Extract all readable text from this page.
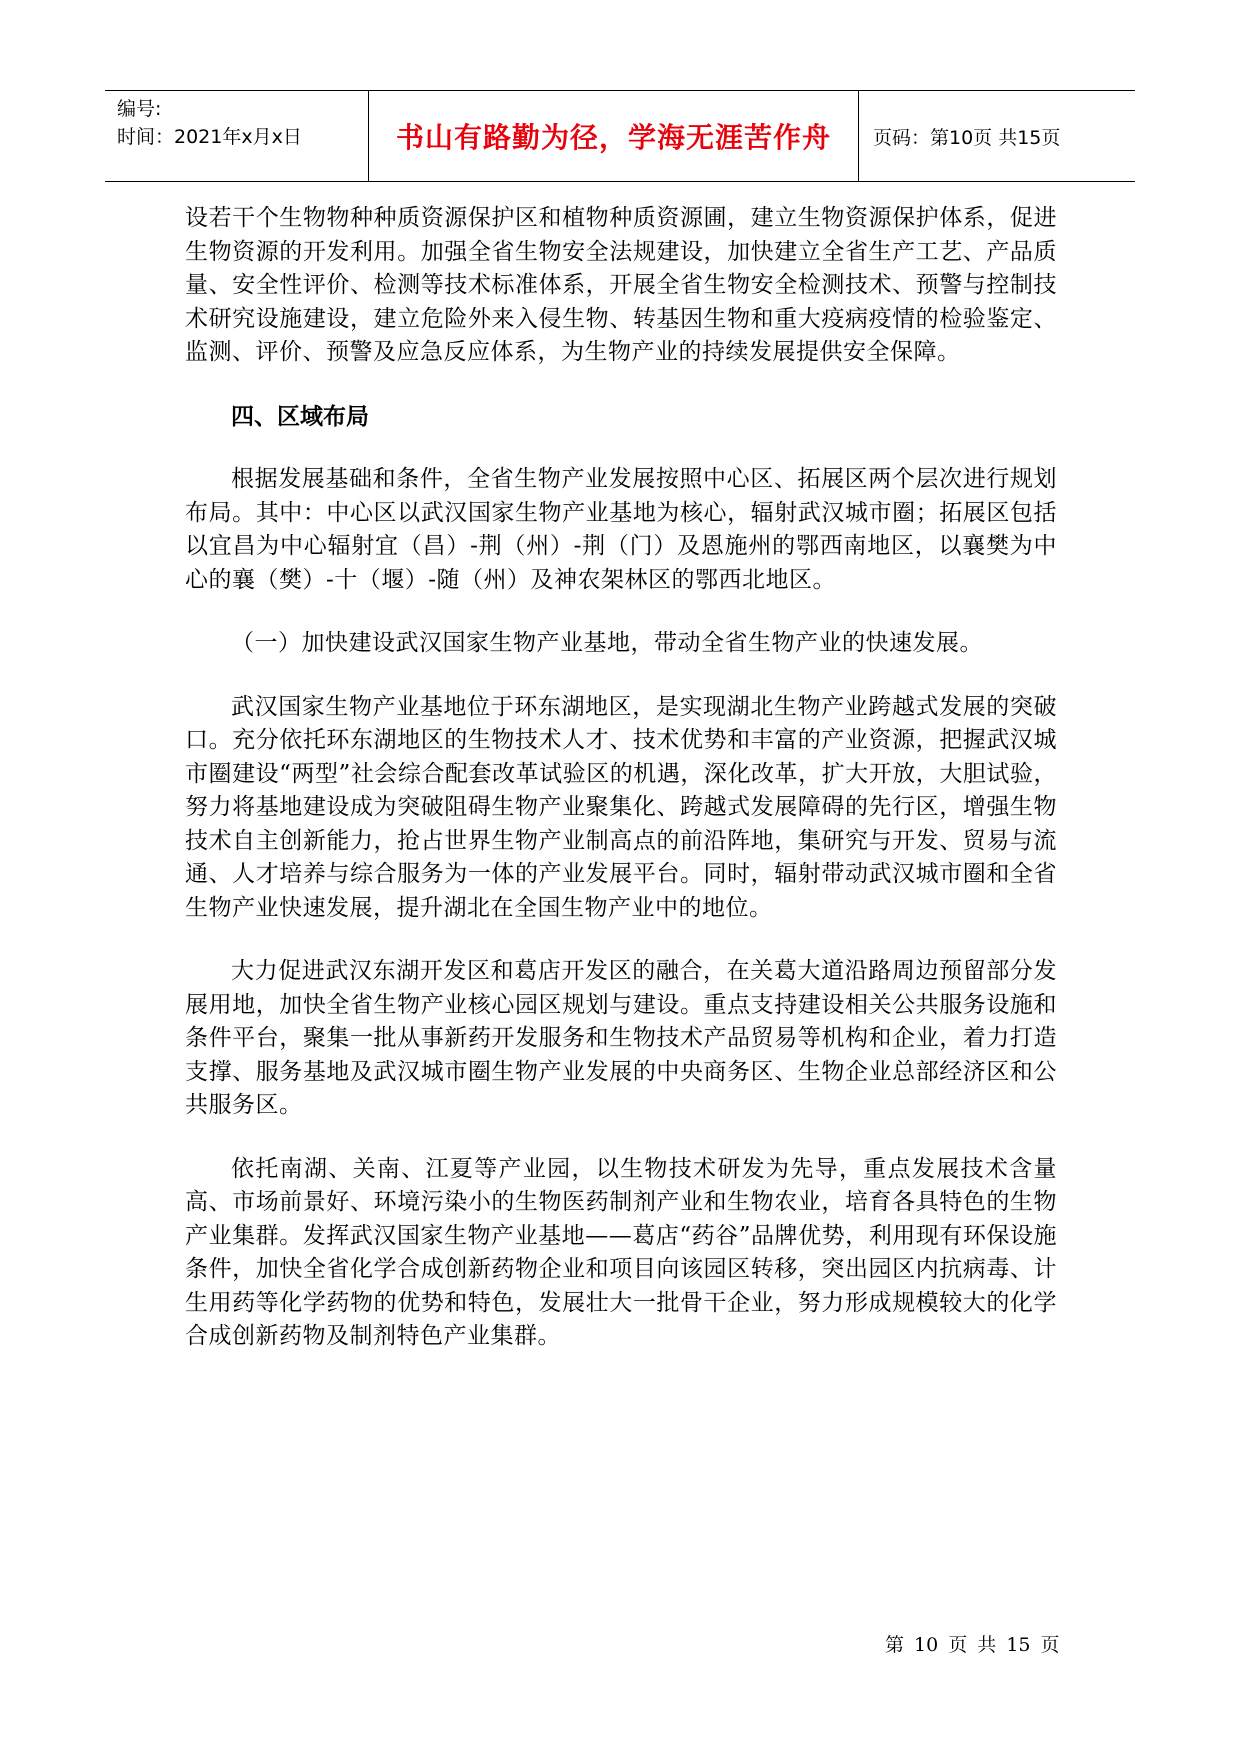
编号:
时间：2021年x月x日	书山有路勤为径，学海无涯苦作舟	页码：第10页 共15页

设若干个生物物种种质资源保护区和植物种质资源圃，建立生物资源保护体系，促进生物资源的开发利用。加强全省生物安全法规建设，加快建立全省生产工艺、产品质量、安全性评价、检测等技术标准体系，开展全省生物安全检测技术、预警与控制技术研究设施建设，建立危险外来入侵生物、转基因生物和重大疫病疫情的检验鉴定、监测、评价、预警及应急反应体系，为生物产业的持续发展提供安全保障。

四、区域布局

根据发展基础和条件，全省生物产业发展按照中心区、拓展区两个层次进行规划布局。其中：中心区以武汉国家生物产业基地为核心，辐射武汉城市圈；拓展区包括以宜昌为中心辐射宜（昌）-荆（州）-荆（门）及恩施州的鄂西南地区，以襄樊为中心的襄（樊）-十（堰）-随（州）及神农架林区的鄂西北地区。

（一）加快建设武汉国家生物产业基地，带动全省生物产业的快速发展。

武汉国家生物产业基地位于环东湖地区，是实现湖北生物产业跨越式发展的突破口。充分依托环东湖地区的生物技术人才、技术优势和丰富的产业资源，把握武汉城市圈建设“两型”社会综合配套改革试验区的机遇，深化改革，扩大开放，大胆试验，努力将基地建设成为突破阻碍生物产业聚集化、跨越式发展障碍的先行区，增强生物技术自主创新能力，抢占世界生物产业制高点的前沿阵地，集研究与开发、贸易与流通、人才培养与综合服务为一体的产业发展平台。同时，辐射带动武汉城市圈和全省生物产业快速发展，提升湖北在全国生物产业中的地位。

大力促进武汉东湖开发区和葛店开发区的融合，在关葛大道沿路周边预留部分发展用地，加快全省生物产业核心园区规划与建设。重点支持建设相关公共服务设施和条件平台，聚集一批从事新药开发服务和生物技术产品贸易等机构和企业，着力打造支撑、服务基地及武汉城市圈生物产业发展的中央商务区、生物企业总部经济区和公共服务区。

依托南湖、关南、江夏等产业园，以生物技术研发为先导，重点发展技术含量高、市场前景好、环境污染小的生物医药制剂产业和生物农业，培育各具特色的生物产业集群。发挥武汉国家生物产业基地——葛店“药谷”品牌优势，利用现有环保设施条件，加快全省化学合成创新药物企业和项目向该园区转移，突出园区内抗病毒、计生用药等化学药物的优势和特色，发展壮大一批骨干企业，努力形成规模较大的化学合成创新药物及制剂特色产业集群。

第 10 页 共 15 页
